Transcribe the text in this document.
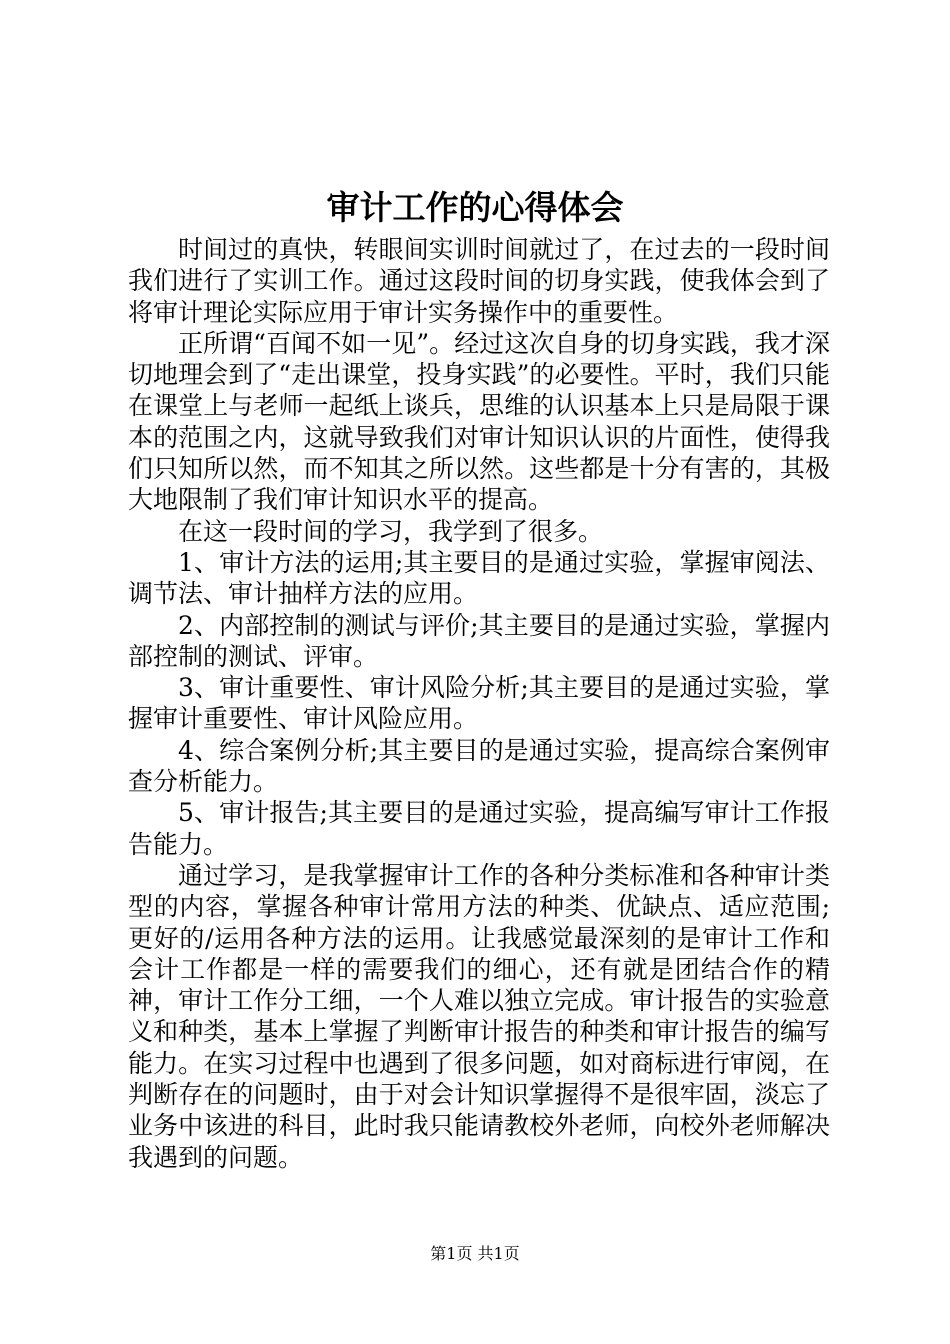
审计工作的心得体会

时间过的真快，转眼间实训时间就过了，在过去的一段时间我们进行了实训工作。通过这段时间的切身实践，使我体会到了将审计理论实际应用于审计实务操作中的重要性。

正所谓“百闻不如一见”。经过这次自身的切身实践，我才深切地理会到了“走出课堂，投身实践”的必要性。平时，我们只能在课堂上与老师一起纸上谈兵，思维的认识基本上只是局限于课本的范围之内，这就导致我们对审计知识认识的片面性，使得我们只知所以然，而不知其之所以然。这些都是十分有害的，其极大地限制了我们审计知识水平的提高。

在这一段时间的学习，我学到了很多。

1、审计方法的运用;其主要目的是通过实验，掌握审阅法、调节法、审计抽样方法的应用。

2、内部控制的测试与评价;其主要目的是通过实验，掌握内部控制的测试、评审。

3、审计重要性、审计风险分析;其主要目的是通过实验，掌握审计重要性、审计风险应用。

4、综合案例分析;其主要目的是通过实验，提高综合案例审查分析能力。

5、审计报告;其主要目的是通过实验，提高编写审计工作报告能力。

通过学习，是我掌握审计工作的各种分类标准和各种审计类型的内容，掌握各种审计常用方法的种类、优缺点、适应范围;更好的/运用各种方法的运用。让我感觉最深刻的是审计工作和会计工作都是一样的需要我们的细心，还有就是团结合作的精神，审计工作分工细，一个人难以独立完成。审计报告的实验意义和种类，基本上掌握了判断审计报告的种类和审计报告的编写能力。在实习过程中也遇到了很多问题，如对商标进行审阅，在判断存在的问题时，由于对会计知识掌握得不是很牢固，淡忘了业务中该进的科目，此时我只能请教校外老师，向校外老师解决我遇到的问题。

第1页 共1页
